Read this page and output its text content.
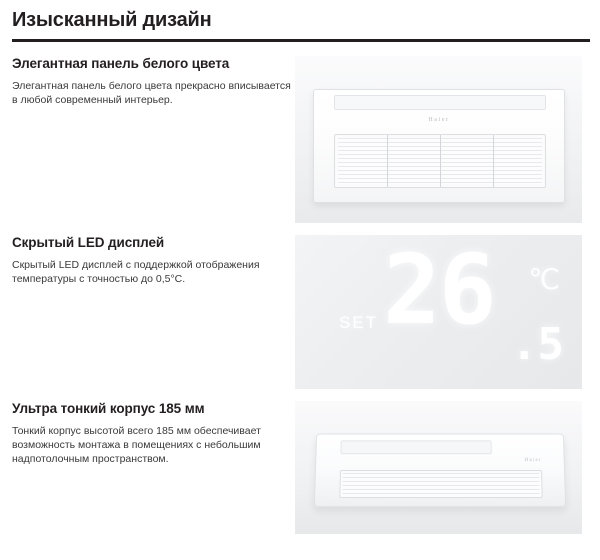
Изысканный дизайн
Элегантная панель белого цвета

Элегантная панель белого цвета прекрасно вписывается в любой современный интерьер.

Haier
Скрытый LED дисплей

Скрытый LED дисплей с поддержкой отображения температуры с точностью до 0,5°С.

SET 26 ℃
.5
Ультра тонкий корпус 185 мм

Тонкий корпус высотой всего 185 мм обеспечивает возможность монтажа в помещениях с небольшим надпотолочным пространством.	Haier
